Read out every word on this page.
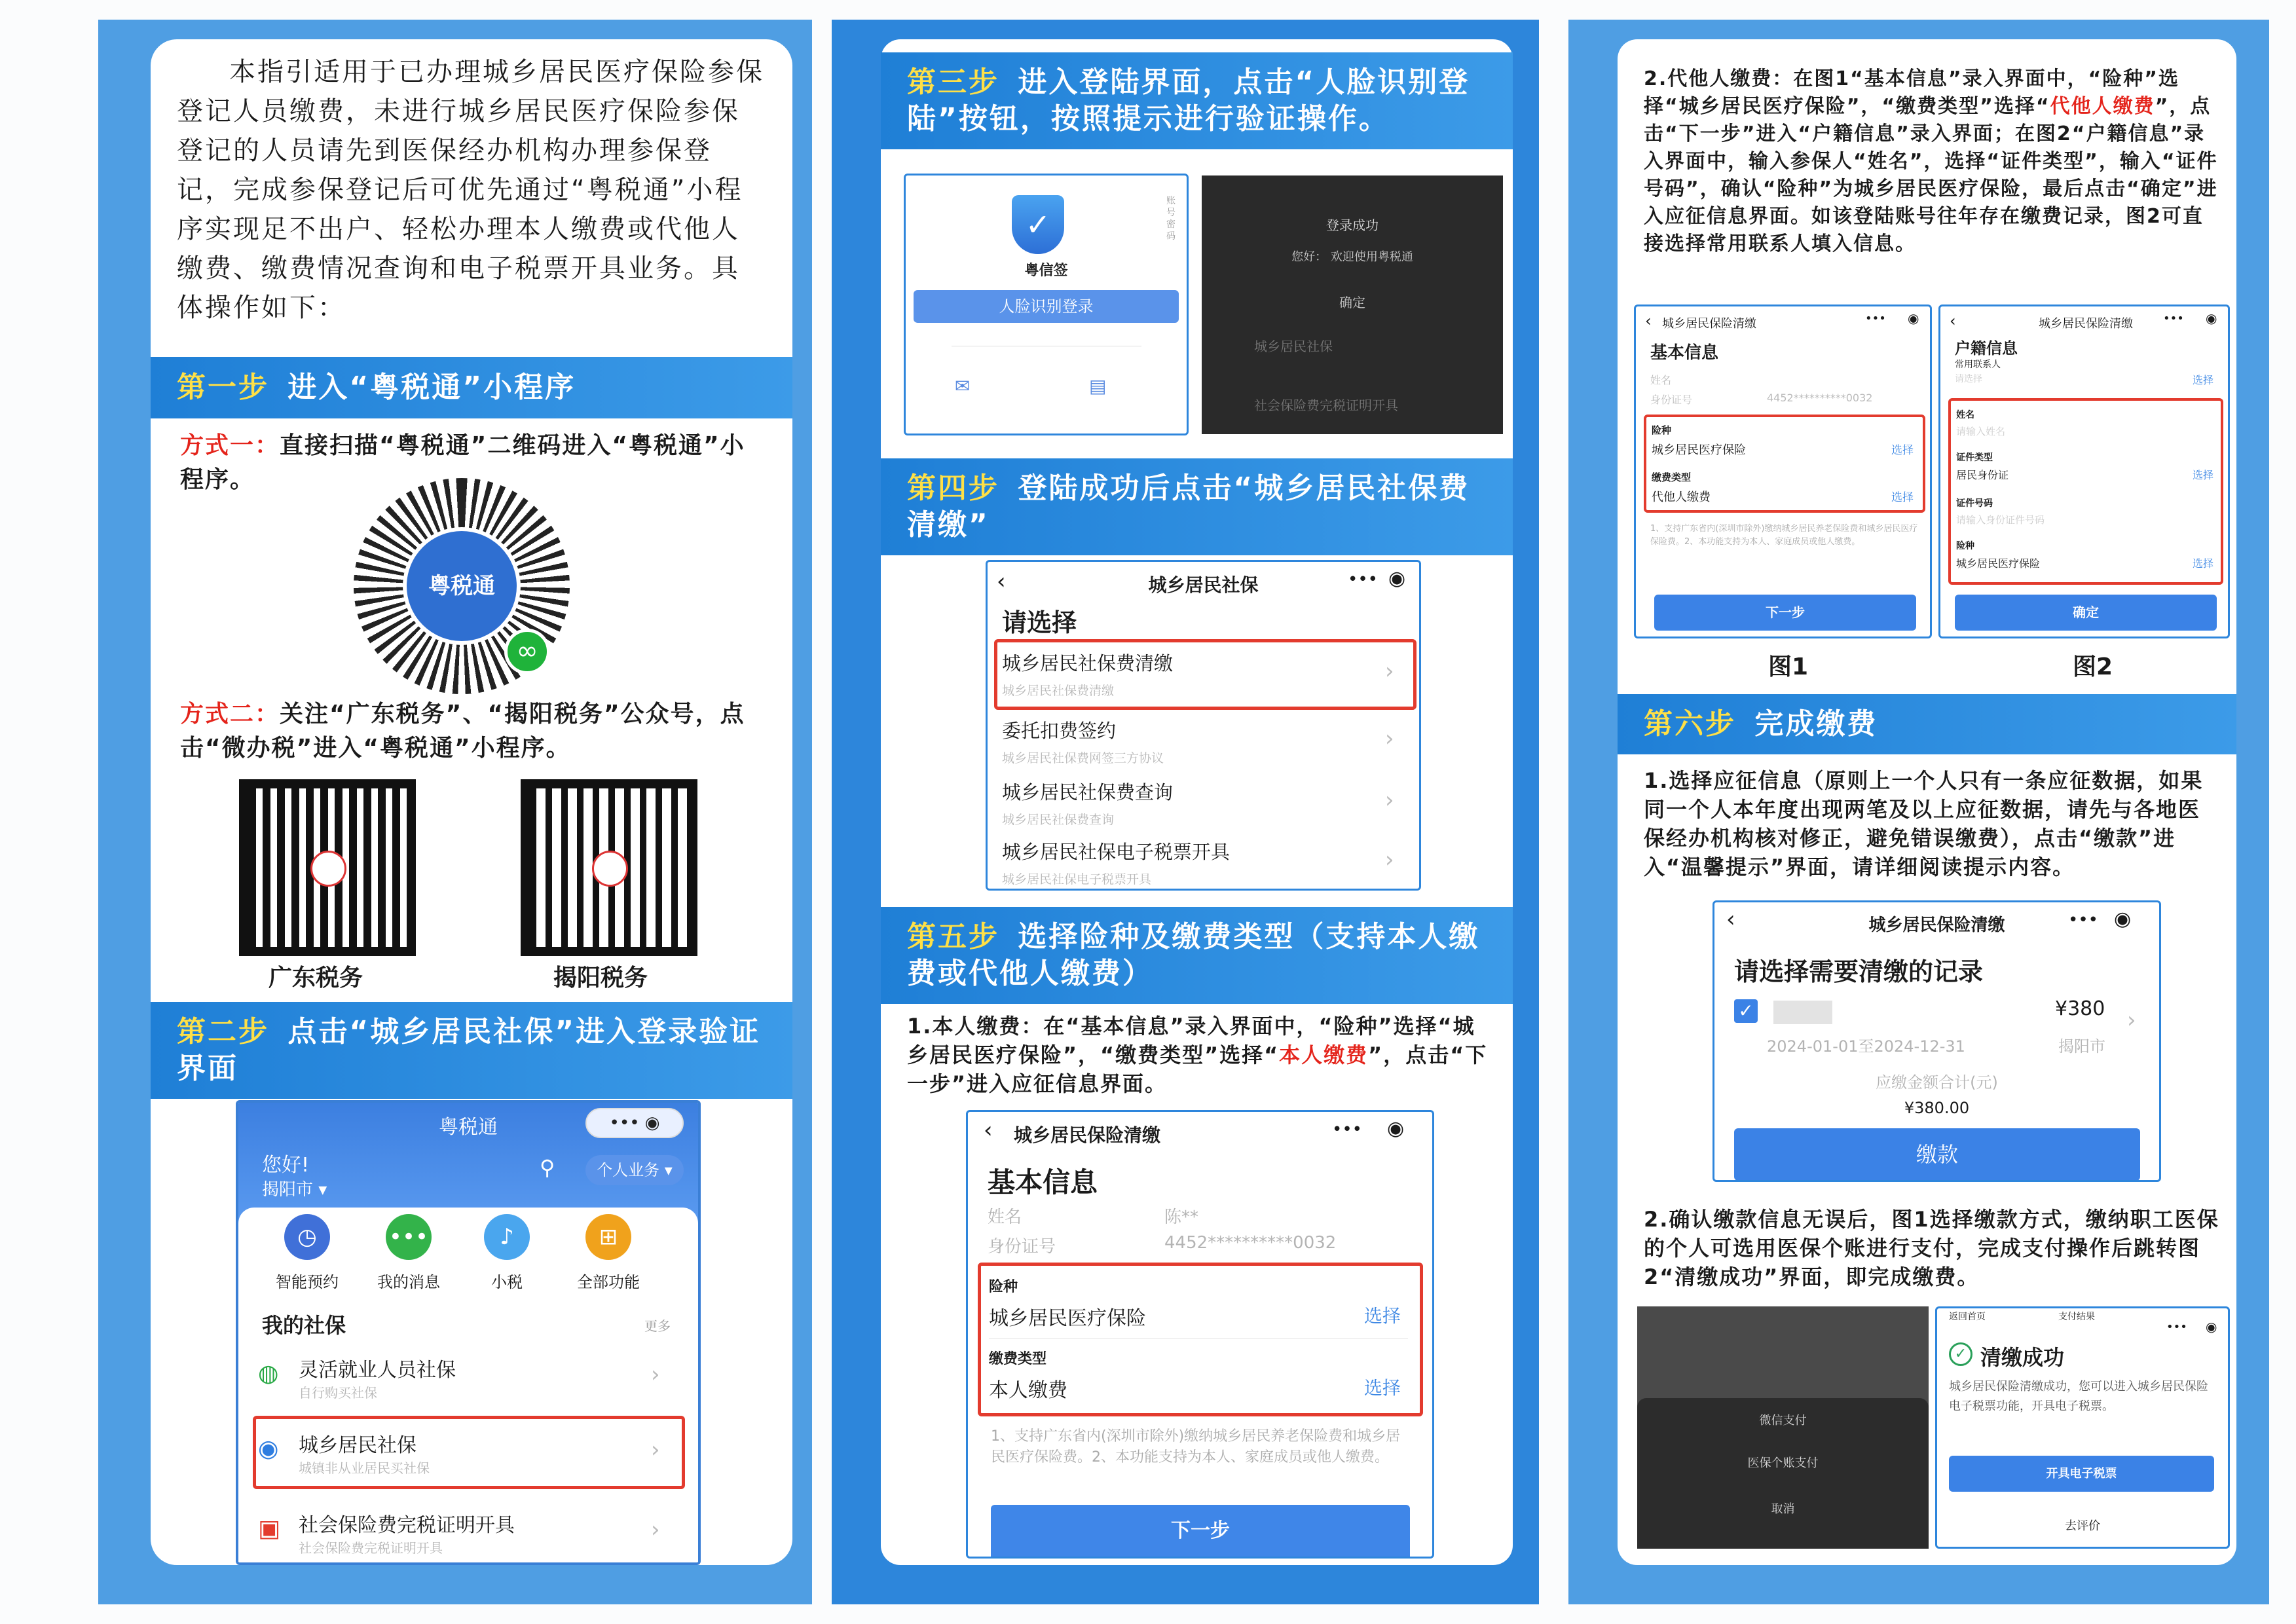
本指引适用于已办理城乡居民医疗保险参保登记人员缴费，未进行城乡居民医疗保险参保登记的人员请先到医保经办机构办理参保登记，完成参保登记后可优先通过“粤税通”小程序实现足不出户、轻松办理本人缴费或代他人缴费、缴费情况查询和电子税票开具业务。具体操作如下：
第一步 进入“粤税通”小程序
方式一：直接扫描“粤税通”二维码进入“粤税通”小程序。
粤税通
∞
方式二：关注“广东税务”、“揭阳税务”公众号，点击“微办税”进入“粤税通”小程序。
广东税务	揭阳税务
第二步 点击“城乡居民社保”进入登录验证界面
粤税通	••• ◉
您好!
揭阳市 ▾
⚲	个人业务 ▾
◷
智能预约
•••
我的消息
♪
小税
⊞
全部功能
我的社保	更多
◍ 灵活就业人员社保
自行购买社保
›
◉ 城乡居民社保
城镇非从业居民买社保
›
▣ 社会保险费完税证明开具
社会保险费完税证明开具
›
第三步 进入登陆界面，点击“人脸识别登陆”按钮，按照提示进行验证操作。
✓
粤信签
账号密码
人脸识别登录
✉	▤
登录成功
您好： 欢迎使用粤税通
确定
城乡居民社保
社会保险费完税证明开具
第四步 登陆成功后点击“城乡居民社保费清缴”
‹	城乡居民社保	••• ◉
请选择
城乡居民社保费清缴
城乡居民社保费清缴
›
委托扣费签约
城乡居民社保费网签三方协议
›
城乡居民社保费查询
城乡居民社保费查询
›
城乡居民社保电子税票开具
城乡居民社保电子税票开具
›
第五步 选择险种及缴费类型（支持本人缴费或代他人缴费）
1.本人缴费：在“基本信息”录入界面中，“险种”选择“城乡居民医疗保险”，“缴费类型”选择“本人缴费”，点击“下一步”进入应征信息界面。
‹ 城乡居民保险清缴	••• ◉
基本信息
姓名	陈**
身份证号	4452**********0032
险种
城乡居民医疗保险	选择
缴费类型
本人缴费	选择
1、支持广东省内(深圳市除外)缴纳城乡居民养老保险费和城乡居民医疗保险费。2、本功能支持为本人、家庭成员或他人缴费。
下一步
2.代他人缴费：在图1“基本信息”录入界面中，“险种”选择“城乡居民医疗保险”，“缴费类型”选择“代他人缴费”，点击“下一步”进入“户籍信息”录入界面；在图2“户籍信息”录入界面中，输入参保人“姓名”，选择“证件类型”，输入“证件号码”，确认“险种”为城乡居民医疗保险，最后点击“确定”进入应征信息界面。如该登陆账号往年存在缴费记录，图2可直接选择常用联系人填入信息。
‹ 城乡居民保险清缴	••• ◉
基本信息
姓名
身份证号	4452**********0032
险种
城乡居民医疗保险	选择
缴费类型
代他人缴费	选择
1、支持广东省内(深圳市除外)缴纳城乡居民养老保险费和城乡居民医疗保险费。2、本功能支持为本人、家庭成员或他人缴费。
下一步
图1
‹	城乡居民保险清缴	••• ◉
户籍信息
常用联系人
请选择	选择
姓名
请输入姓名
证件类型
居民身份证	选择
证件号码
请输入身份证件号码
险种
城乡居民医疗保险	选择
确定
图2
第六步 完成缴费
1.选择应征信息（原则上一个人只有一条应征数据，如果同一个人本年度出现两笔及以上应征数据，请先与各地医保经办机构核对修正，避免错误缴费），点击“缴款”进入“温馨提示”界面，请详细阅读提示内容。
‹	城乡居民保险清缴	••• ◉
请选择需要清缴的记录
✓	¥380
2024-01-01至2024-12-31	揭阳市
›
应缴金额合计(元)
¥380.00
缴款
2.确认缴款信息无误后，图1选择缴款方式，缴纳职工医保的个人可选用医保个账进行支付，完成支付操作后跳转图2“清缴成功”界面，即完成缴费。
微信支付
医保个账支付
取消
返回首页	支付结果
••• ◉
✓ 清缴成功
城乡居民保险清缴成功，您可以进入城乡居民保险电子税票功能，开具电子税票。
开具电子税票
去评价
